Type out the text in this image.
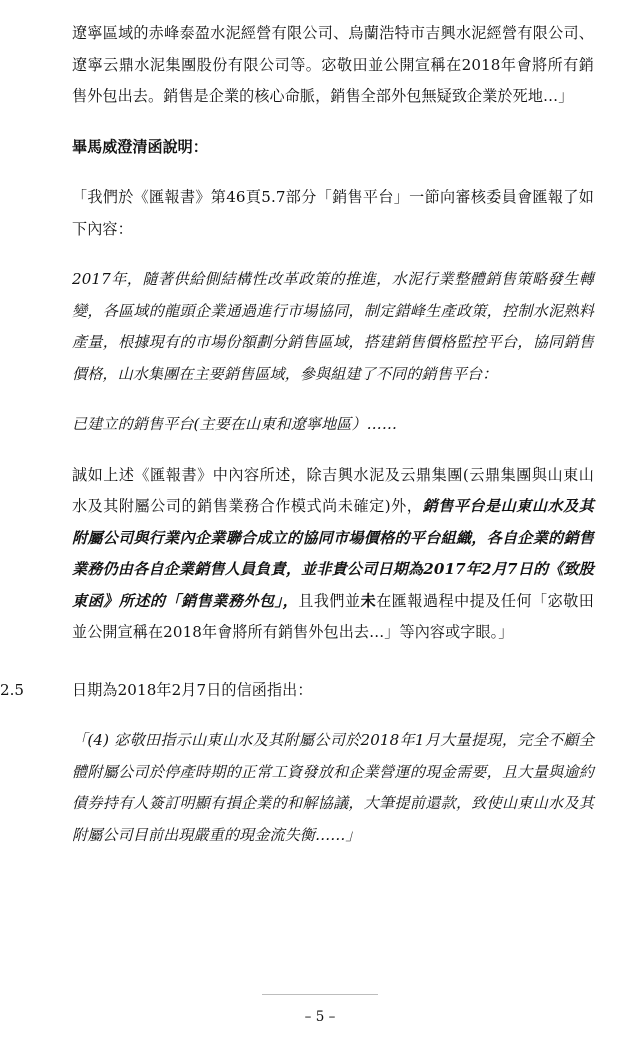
遼寧區域的赤峰泰盈水泥經營有限公司、烏蘭浩特市吉興水泥經營有限公司、遼寧云鼎水泥集團股份有限公司等。宓敬田並公開宣稱在2018年會將所有銷售外包出去。銷售是企業的核心命脈，銷售全部外包無疑致企業於死地…」

畢馬威澄清函說明：

「我們於《匯報書》第46頁5.7部分「銷售平台」一節向審核委員會匯報了如下內容：

2017年，隨著供給側結構性改革政策的推進，水泥行業整體銷售策略發生轉變，各區域的龍頭企業通過進行市場協同，制定錯峰生產政策，控制水泥熟料產量，根據現有的市場份額劃分銷售區域，搭建銷售價格監控平台，協同銷售價格，山水集團在主要銷售區域，參與組建了不同的銷售平台：

已建立的銷售平台(主要在山東和遼寧地區）……

誠如上述《匯報書》中內容所述，除吉興水泥及云鼎集團(云鼎集團與山東山水及其附屬公司的銷售業務合作模式尚未確定)外，銷售平台是山東山水及其附屬公司與行業內企業聯合成立的協同市場價格的平台組織，各自企業的銷售業務仍由各自企業銷售人員負責，並非貴公司日期為2017年2月7日的《致股東函》所述的「銷售業務外包」，且我們並未在匯報過程中提及任何「宓敬田並公開宣稱在2018年會將所有銷售外包出去…」等內容或字眼。」

2.5	日期為2018年2月7日的信函指出：

「(4) 宓敬田指示山東山水及其附屬公司於2018年1月大量提現，完全不顧全體附屬公司於停產時期的正常工資發放和企業營運的現金需要，且大量與逾約債券持有人簽訂明顯有損企業的和解協議，大筆提前還款，致使山東山水及其附屬公司目前出現嚴重的現金流失衡……」

– 5 –
